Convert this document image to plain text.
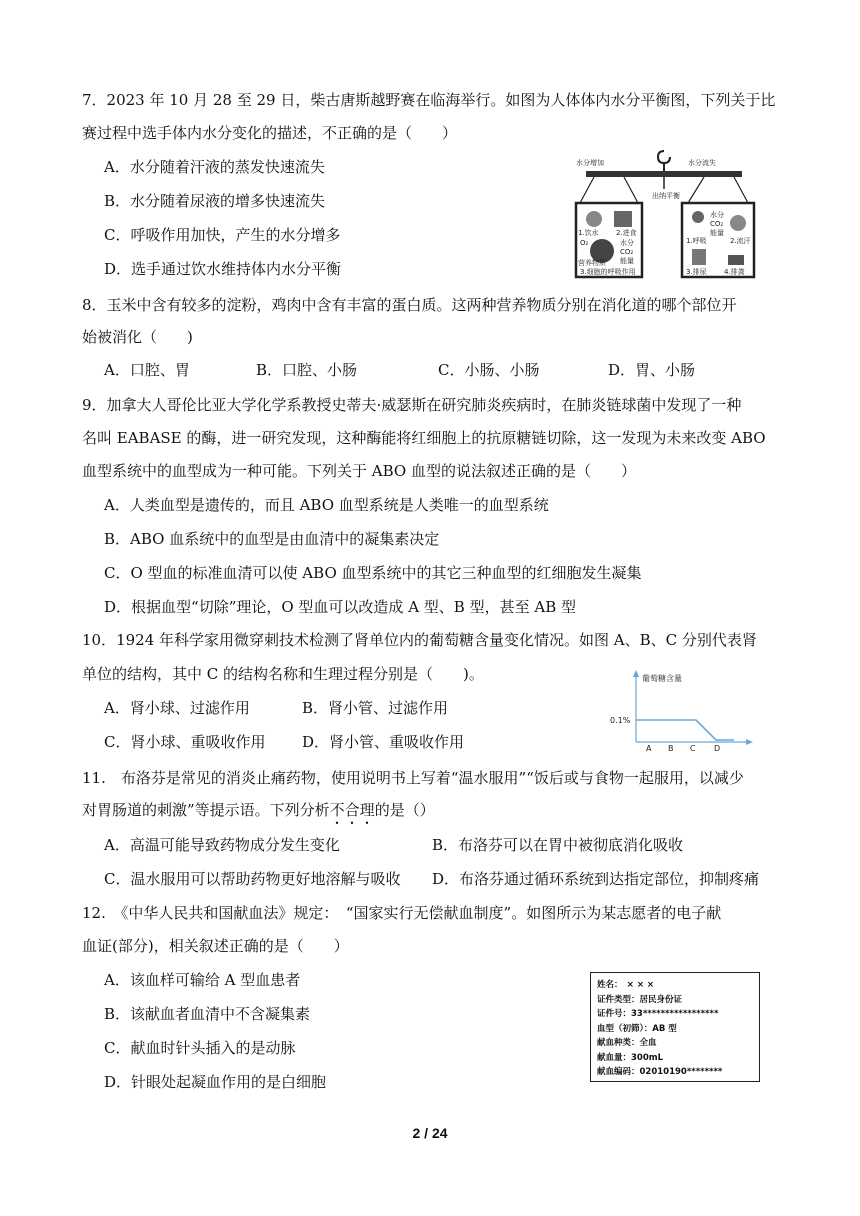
7．2023 年 10 月 28 至 29 日，柴古唐斯越野赛在临海举行。如图为人体体内水分平衡图，下列关于比
赛过程中选手体内水分变化的描述，不正确的是（　　）
A．水分随着汗液的蒸发快速流失
B．水分随着尿液的增多快速流失
C．呼吸作用加快，产生的水分增多
D．选手通过饮水维持体内水分平衡
水分增加	水分流失
出纳平衡
1.饮水 2.进食
营养物质
3.细胞的呼吸作用
O₂	水分
CO₂
能量
水分
CO₂
能量
2.流汗
1.呼吸
3.排尿 4.排粪
8．玉米中含有较多的淀粉，鸡肉中含有丰富的蛋白质。这两种营养物质分别在消化道的哪个部位开
始被消化（　　)
A．口腔、胃	B．口腔、小肠	C．小肠、小肠	D．胃、小肠
9．加拿大人哥伦比亚大学化学系教授史蒂夫·威瑟斯在研究肺炎疾病时，在肺炎链球菌中发现了一种
名叫 EABASE 的酶，进一研究发现，这种酶能将红细胞上的抗原糖链切除，这一发现为未来改变 ABO
血型系统中的血型成为一种可能。下列关于 ABO 血型的说法叙述正确的是（　　）
A．人类血型是遗传的，而且 ABO 血型系统是人类唯一的血型系统
B．ABO 血系统中的血型是由血清中的凝集素决定
C．O 型血的标准血清可以使 ABO 血型系统中的其它三种血型的红细胞发生凝集
D．根据血型“切除”理论，O 型血可以改造成 A 型、B 型，甚至 AB 型
10．1924 年科学家用微穿刺技术检测了肾单位内的葡萄糖含量变化情况。如图 A、B、C 分别代表肾
单位的结构，其中 C 的结构名称和生理过程分别是（　　)。
A．肾小球、过滤作用	B．肾小管、过滤作用
C．肾小球、重吸收作用 D．肾小管、重吸收作用
葡萄糖含量
0.1%
A B C D
11.　布洛芬是常见的消炎止痛药物，使用说明书上写着“温水服用”“饭后或与食物一起服用，以减少
对胃肠道的刺激”等提示语。下列分析不合理的是（）
A．高温可能导致药物成分发生变化	B．布洛芬可以在胃中被彻底消化吸收
C．温水服用可以帮助药物更好地溶解与吸收 D．布洛芬通过循环系统到达指定部位，抑制疼痛
12.　《中华人民共和国献血法》规定：　“国家实行无偿献血制度”。如图所示为某志愿者的电子献
血证(部分)，相关叙述正确的是（　　）
A．该血样可输给 A 型血患者
B．该献血者血清中不含凝集素
C．献血时针头插入的是动脉
D．针眼处起凝血作用的是白细胞
姓名：　× × ×
证件类型：居民身份证
证件号：33*****************
血型（初筛）：AB 型
献血种类：全血
献血量：300mL
献血编码：02010190********
2 / 24
